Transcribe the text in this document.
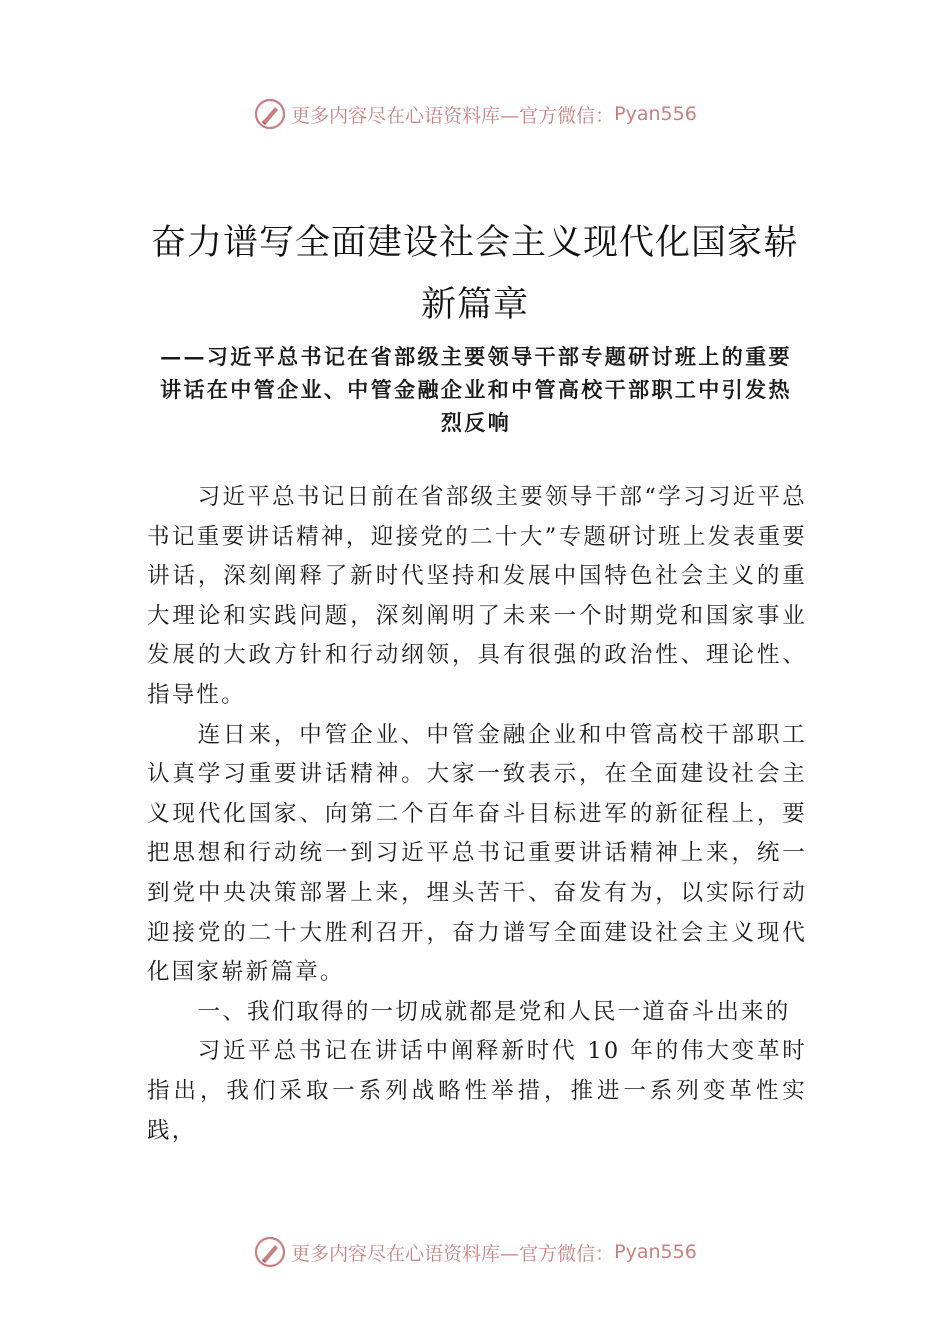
更多内容尽在心语资料库—官方微信： Pyan556
奋力谱写全面建设社会主义现代化国家崭
新篇章
——习近平总书记在省部级主要领导干部专题研讨班上的重要讲话在中管企业、中管金融企业和中管高校干部职工中引发热烈反响

习近平总书记日前在省部级主要领导干部“学习习近平总书记重要讲话精神，迎接党的二十大”专题研讨班上发表重要讲话，深刻阐释了新时代坚持和发展中国特色社会主义的重大理论和实践问题，深刻阐明了未来一个时期党和国家事业发展的大政方针和行动纲领，具有很强的政治性、理论性、指导性。

连日来，中管企业、中管金融企业和中管高校干部职工认真学习重要讲话精神。大家一致表示，在全面建设社会主义现代化国家、向第二个百年奋斗目标进军的新征程上，要把思想和行动统一到习近平总书记重要讲话精神上来，统一到党中央决策部署上来，埋头苦干、奋发有为，以实际行动迎接党的二十大胜利召开，奋力谱写全面建设社会主义现代化国家崭新篇章。

一、我们取得的一切成就都是党和人民一道奋斗出来的

习近平总书记在讲话中阐释新时代 10 年的伟大变革时指出，我们采取一系列战略性举措，推进一系列变革性实践，

更多内容尽在心语资料库—官方微信： Pyan556
